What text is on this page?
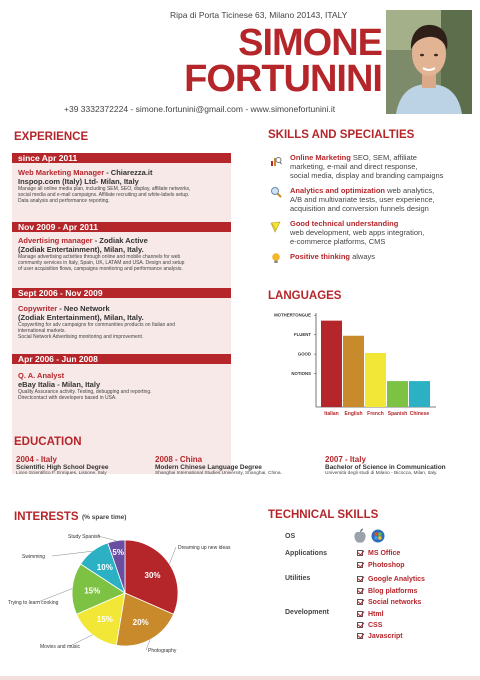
Ripa di Porta Ticinese 63, Milano 20143, ITALY
SIMONE
FORTUNINI
+39 3332372224 - simone.fortunini@gmail.com - www.simonefortunini.it
EXPERIENCE
since Apr 2011
Web Marketing Manager - Chiarezza.it
Inspop.com (Italy) Ltd- Milan, Italy
Manage all online media plan, including SEM, SEO, display, affiliate networks,
social media and e-mail campaigns. Affiliate recruiting and white-labels setup.
Data analysis and performance reporting.
Nov 2009 - Apr 2011
Advertising manager - Zodiak Active
(Zodiak Entertainment), Milan, Italy.
Manage advertising activities through online and mobile channels for web
community services in Italy, Spain, UK, LATAM and USA. Design and setup
of user acquisition flows, campaigns monitoring and performance analysis.
Sept 2006 - Nov 2009
Copywriter - Neo Network
(Zodiak Entertainment), Milan, Italy.
Copywriting for adv campaigns for communities products on Italian and
international markets.
Social Network Advertising monitoring and improvement.
Apr 2006 - Jun 2008
Q. A. Analyst
eBay Italia - Milan, Italy
Quality Assurance activity. Testing, debugging and reporting.
Directcontact with developers based in USA.
SKILLS AND SPECIALTIES
Online Marketing SEO, SEM, affiliate
marketing, e-mail and direct response,
social media, display and branding campaigns
Analytics and optimization web analytics,
A/B and multivariate tests, user experience,
acquisition and conversion funnels design
Good technical understanding
web development, web apps integration,
e-commerce platforms, CMS
Positive thinking always
LANGUAGES
NOTIONS
GOOD
FLUENT
MOTHERTONGUE
Italian English French Spanish Chinese
EDUCATION
2004 - Italy
Scientific High School Degree
Liceo Scientifico F. Enriques, Lissone, Italy
2008 - China
Modern Chinese Language Degree
Shanghai International Studies University, Shanghai, China.
2007 - Italy
Bachelor of Science in Communication
Università degli studi di Milano - Bicocca, Milan, Italy.
INTERESTS (% spare time)
30%
Dreaming up new ideas
20%
Photography
15%
Movies and music
15%
Trying to learn cooking
10%
Swimming	5%
Study Spanish
TECHNICAL SKILLS
OS
Applications	MS Office
Photoshop
Utilities	Google Analytics
Blog platforms
Social networks
Development	Html
CSS
Javascript
